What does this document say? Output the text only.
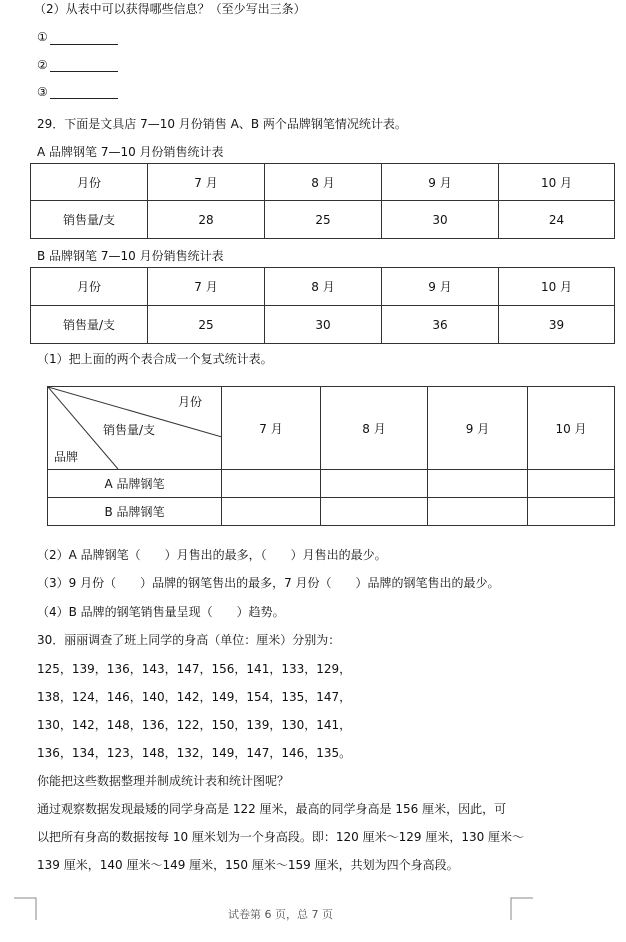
（2）从表中可以获得哪些信息？（至少写出三条）
①
②
③
29．下面是文具店 7—10 月份销售 A、B 两个品牌钢笔情况统计表。
A 品牌钢笔 7—10 月份销售统计表
月份	7 月	8 月	9 月	10 月
销售量/支	28	25	30	24
B 品牌钢笔 7—10 月份销售统计表
月份	7 月	8 月	9 月	10 月
销售量/支	25	30	36	39
（1）把上面的两个表合成一个复式统计表。
月份
销售量/支
品牌	7 月	8 月	9 月	10 月
A 品牌钢笔				
B 品牌钢笔				
（2）A 品牌钢笔（　　）月售出的最多，（　　）月售出的最少。
（3）9 月份（　　）品牌的钢笔售出的最多，7 月份（　　）品牌的钢笔售出的最少。
（4）B 品牌的钢笔销售量呈现（　　）趋势。
30．丽丽调查了班上同学的身高（单位：厘米）分别为：
125，139，136，143，147，156，141，133，129，
138，124，146，140，142，149，154，135，147，
130，142，148，136，122，150，139，130，141，
136，134，123，148，132，149，147，146，135。
你能把这些数据整理并制成统计表和统计图呢？
通过观察数据发现最矮的同学身高是 122 厘米，最高的同学身高是 156 厘米，因此，可
以把所有身高的数据按每 10 厘米划为一个身高段。即：120 厘米～129 厘米，130 厘米～
139 厘米，140 厘米～149 厘米，150 厘米～159 厘米，共划为四个身高段。
试卷第 6 页，总 7 页
